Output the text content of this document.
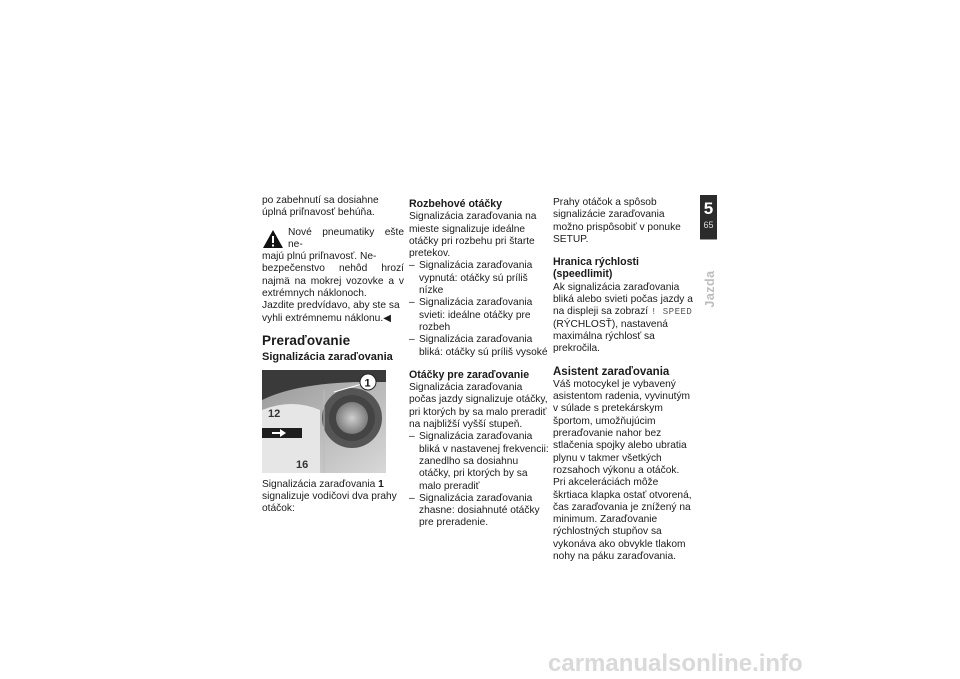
po zabehnutí sa dosiahne úplná priľnavosť behúňa.

Nové pneumatiky ešte ne-
majú plnú priľnavosť. Ne-
bezpečenstvo nehôd hrozí najmä na mokrej vozovke a v extrémnych náklonoch.

Jazdite predvídavo, aby ste sa vyhli extrémnemu náklonu.◀

Preraďovanie
Signalizácia zaraďovania
12
16
1

Signalizácia zaraďovania 1 signalizuje vodičovi dva prahy otáčok:

Rozbehové otáčky

Signalizácia zaraďovania na mieste signalizuje ideálne otáčky pri rozbehu pri štarte pretekov.

– Signalizácia zaraďovania vypnutá: otáčky sú príliš nízke
– Signalizácia zaraďovania svieti: ideálne otáčky pre rozbeh
– Signalizácia zaraďovania bliká: otáčky sú príliš vysoké
Otáčky pre zaraďovanie

Signalizácia zaraďovania počas jazdy signalizuje otáčky, pri ktorých by sa malo preradiť na najbližší vyšší stupeň.

– Signalizácia zaraďovania bliká v nastavenej frekvencii: zanedlho sa dosiahnu otáčky, pri ktorých by sa malo preradiť
– Signalizácia zaraďovania zhasne: dosiahnuté otáčky pre preradenie.

Prahy otáčok a spôsob signalizácie zaraďovania možno prispôsobiť v ponuke SETUP.

Hranica rýchlosti (speedlimit)

Ak signalizácia zaraďovania bliká alebo svieti počas jazdy a na displeji sa zobrazí ! SPEED
(RÝCHLOSŤ), nastavená maximálna rýchlosť sa prekročila.

Asistent zaraďovania

Váš motocykel je vybavený asistentom radenia, vyvinutým v súlade s pretekárskym športom, umožňujúcim preraďovanie nahor bez stlačenia spojky alebo ubratia plynu v takmer všetkých rozsahoch výkonu a otáčok. Pri akceleráciách môže škrtiaca klapka ostať otvorená, čas zaraďovania je znížený na minimum. Zaraďovanie rýchlostných stupňov sa vykonáva ako obvykle tlakom nohy na páku zaraďovania.

5
65
Jazda
carmanualsonline.info
